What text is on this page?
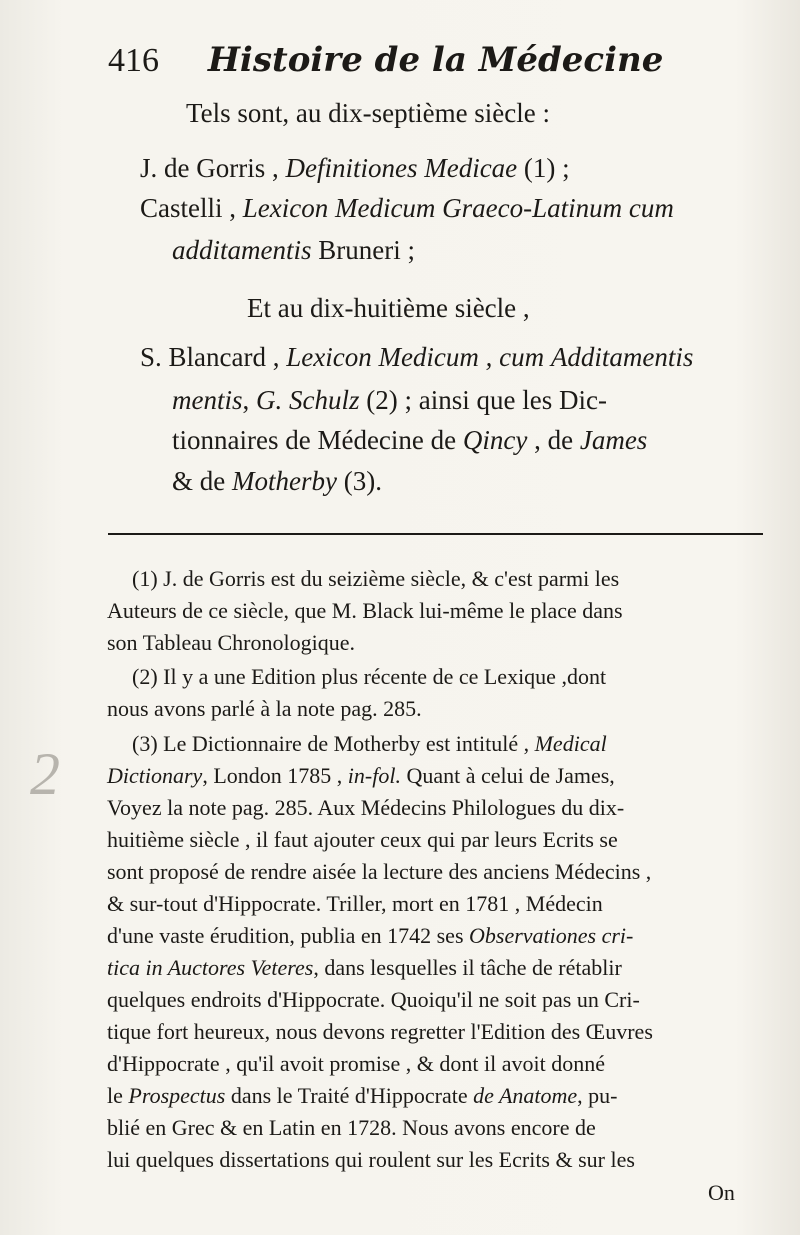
416 Histoire de la Médecine
Tels sont, au dix-septième siècle :
J. de Gorris , Definitiones Medicae (1) ;
Castelli , Lexicon Medicum Graeco-Latinum cum
additamentis Bruneri ;
Et au dix-huitième siècle ,
S. Blancard , Lexicon Medicum , cum Additamentis
mentis, G. Schulz (2) ; ainsi que les Dic-
tionnaires de Médecine de Qincy , de James
& de Motherby (3).
(1) J. de Gorris est du seizième siècle, & c'est parmi les
Auteurs de ce siècle, que M. Black lui-même le place dans
son Tableau Chronologique.
(2) Il y a une Edition plus récente de ce Lexique ,dont
nous avons parlé à la note pag. 285.
(3) Le Dictionnaire de Motherby est intitulé , Medical
Dictionary, London 1785 , in-fol. Quant à celui de James,
Voyez la note pag. 285. Aux Médecins Philologues du dix-
huitième siècle , il faut ajouter ceux qui par leurs Ecrits se
sont proposé de rendre aisée la lecture des anciens Médecins ,
& sur-tout d'Hippocrate. Triller, mort en 1781 , Médecin
d'une vaste érudition, publia en 1742 ses Observationes cri-
tica in Auctores Veteres, dans lesquelles il tâche de rétablir
quelques endroits d'Hippocrate. Quoiqu'il ne soit pas un Cri-
tique fort heureux, nous devons regretter l'Edition des Œuvres
d'Hippocrate , qu'il avoit promise , & dont il avoit donné
le Prospectus dans le Traité d'Hippocrate de Anatome, pu-
blié en Grec & en Latin en 1728. Nous avons encore de
lui quelques dissertations qui roulent sur les Ecrits & sur les
On
2
